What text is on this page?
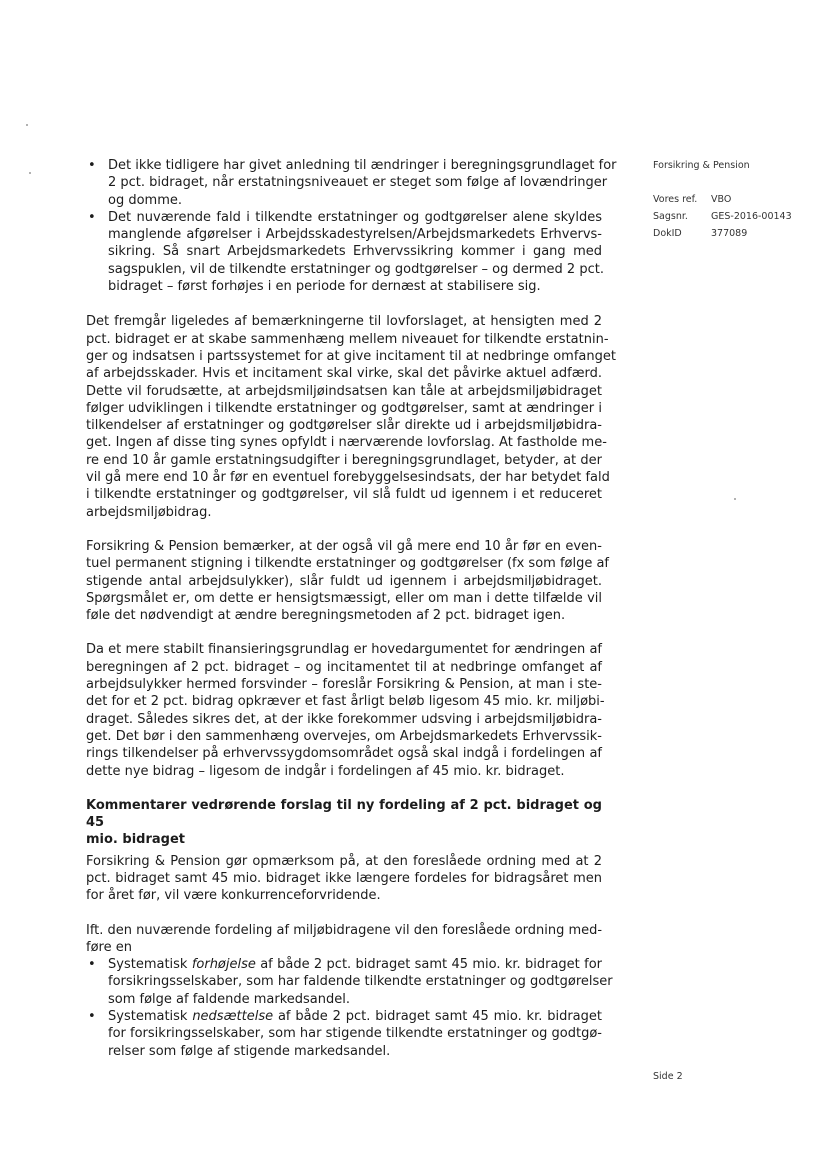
• Det ikke tidligere har givet anledning til ændringer i beregningsgrundlaget for
2 pct. bidraget, når erstatningsniveauet er steget som følge af lovændringer
og domme.
• Det nuværende fald i tilkendte erstatninger og godtgørelser alene skyldes
manglende afgørelser i Arbejdsskadestyrelsen/Arbejdsmarkedets Erhvervs-
sikring. Så snart Arbejdsmarkedets Erhvervssikring kommer i gang med
sagspuklen, vil de tilkendte erstatninger og godtgørelser – og dermed 2 pct.
bidraget – først forhøjes i en periode for dernæst at stabilisere sig.
Det fremgår ligeledes af bemærkningerne til lovforslaget, at hensigten med 2
pct. bidraget er at skabe sammenhæng mellem niveauet for tilkendte erstatnin-
ger og indsatsen i partssystemet for at give incitament til at nedbringe omfanget
af arbejdsskader. Hvis et incitament skal virke, skal det påvirke aktuel adfærd.
Dette vil forudsætte, at arbejdsmiljøindsatsen kan tåle at arbejdsmiljøbidraget
følger udviklingen i tilkendte erstatninger og godtgørelser, samt at ændringer i
tilkendelser af erstatninger og godtgørelser slår direkte ud i arbejdsmiljøbidra-
get. Ingen af disse ting synes opfyldt i nærværende lovforslag. At fastholde me-
re end 10 år gamle erstatningsudgifter i beregningsgrundlaget, betyder, at der
vil gå mere end 10 år før en eventuel forebyggelsesindsats, der har betydet fald
i tilkendte erstatninger og godtgørelser, vil slå fuldt ud igennem i et reduceret
arbejdsmiljøbidrag.
Forsikring & Pension bemærker, at der også vil gå mere end 10 år før en even-
tuel permanent stigning i tilkendte erstatninger og godtgørelser (fx som følge af
stigende antal arbejdsulykker), slår fuldt ud igennem i arbejdsmiljøbidraget.
Spørgsmålet er, om dette er hensigtsmæssigt, eller om man i dette tilfælde vil
føle det nødvendigt at ændre beregningsmetoden af 2 pct. bidraget igen.
Da et mere stabilt finansieringsgrundlag er hovedargumentet for ændringen af
beregningen af 2 pct. bidraget – og incitamentet til at nedbringe omfanget af
arbejdsulykker hermed forsvinder – foreslår Forsikring & Pension, at man i ste-
det for et 2 pct. bidrag opkræver et fast årligt beløb ligesom 45 mio. kr. miljøbi-
draget. Således sikres det, at der ikke forekommer udsving i arbejdsmiljøbidra-
get. Det bør i den sammenhæng overvejes, om Arbejdsmarkedets Erhvervssik-
rings tilkendelser på erhvervssygdomsområdet også skal indgå i fordelingen af
dette nye bidrag – ligesom de indgår i fordelingen af 45 mio. kr. bidraget.
Kommentarer vedrørende forslag til ny fordeling af 2 pct. bidraget og 45
mio. bidraget
Forsikring & Pension gør opmærksom på, at den foreslåede ordning med at 2
pct. bidraget samt 45 mio. bidraget ikke længere fordeles for bidragsåret men
for året før, vil være konkurrenceforvridende.
Ift. den nuværende fordeling af miljøbidragene vil den foreslåede ordning med-
føre en
• Systematisk forhøjelse af både 2 pct. bidraget samt 45 mio. kr. bidraget for
forsikringsselskaber, som har faldende tilkendte erstatninger og godtgørelser
som følge af faldende markedsandel.
• Systematisk nedsættelse af både 2 pct. bidraget samt 45 mio. kr. bidraget
for forsikringsselskaber, som har stigende tilkendte erstatninger og godtgø-
relser som følge af stigende markedsandel.
Forsikring & Pension
Vores ref.	VBO
Sagsnr.	GES-2016-00143
DokID	377089
Side 2
